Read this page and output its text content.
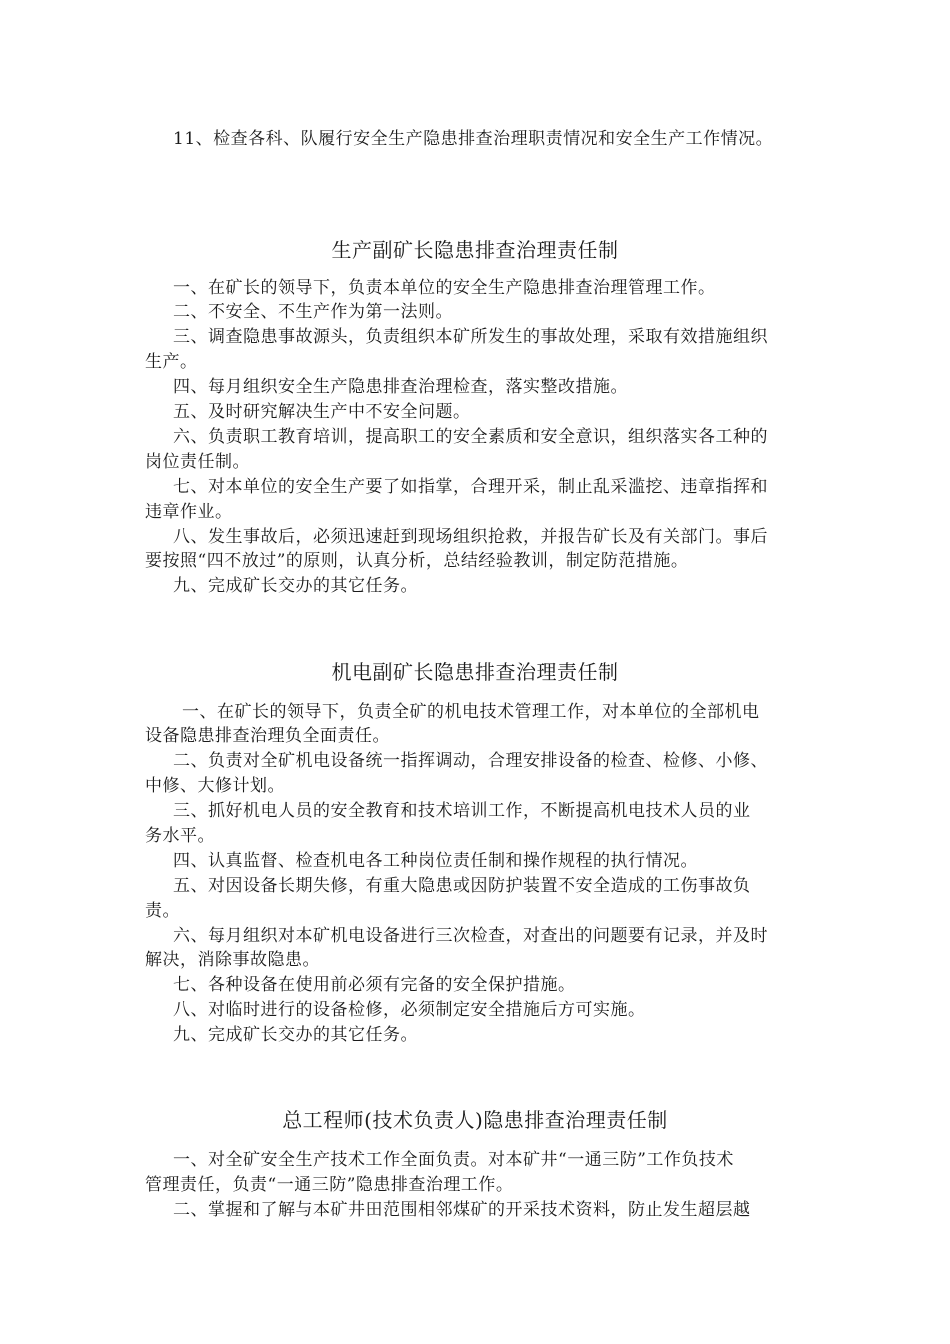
11、检查各科、队履行安全生产隐患排查治理职责情况和安全生产工作情况。
生产副矿长隐患排查治理责任制
一、在矿长的领导下，负责本单位的安全生产隐患排查治理管理工作。
二、不安全、不生产作为第一法则。
三、调查隐患事故源头，负责组织本矿所发生的事故处理，采取有效措施组织
生产。
四、每月组织安全生产隐患排查治理检查，落实整改措施。
五、及时研究解决生产中不安全问题。
六、负责职工教育培训，提高职工的安全素质和安全意识，组织落实各工种的
岗位责任制。
七、对本单位的安全生产要了如指掌，合理开采，制止乱采滥挖、违章指挥和
违章作业。
八、发生事故后，必须迅速赶到现场组织抢救，并报告矿长及有关部门。事后
要按照“四不放过”的原则，认真分析，总结经验教训，制定防范措施。
九、完成矿长交办的其它任务。
机电副矿长隐患排查治理责任制
一、在矿长的领导下，负责全矿的机电技术管理工作，对本单位的全部机电
设备隐患排查治理负全面责任。
二、负责对全矿机电设备统一指挥调动，合理安排设备的检查、检修、小修、
中修、大修计划。
三、抓好机电人员的安全教育和技术培训工作，不断提高机电技术人员的业
务水平。
四、认真监督、检查机电各工种岗位责任制和操作规程的执行情况。
五、对因设备长期失修，有重大隐患或因防护装置不安全造成的工伤事故负
责。
六、每月组织对本矿机电设备进行三次检查，对查出的问题要有记录，并及时
解决，消除事故隐患。
七、各种设备在使用前必须有完备的安全保护措施。
八、对临时进行的设备检修，必须制定安全措施后方可实施。
九、完成矿长交办的其它任务。
总工程师(技术负责人)隐患排查治理责任制
一、对全矿安全生产技术工作全面负责。对本矿井“一通三防”工作负技术
管理责任，负责“一通三防”隐患排查治理工作。
二、掌握和了解与本矿井田范围相邻煤矿的开采技术资料，防止发生超层越
